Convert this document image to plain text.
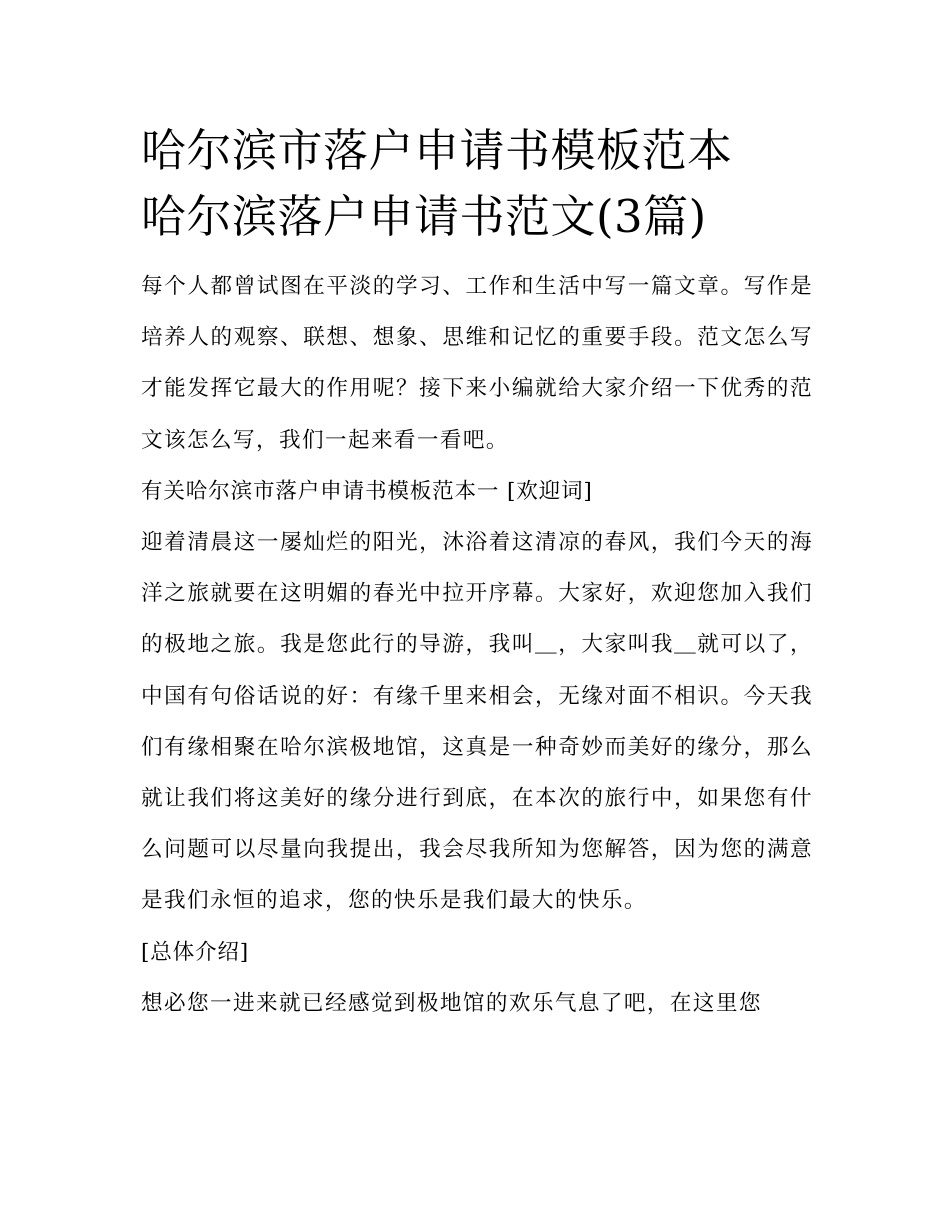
哈尔滨市落户申请书模板范本
哈尔滨落户申请书范文(3篇)

每个人都曾试图在平淡的学习、工作和生活中写一篇文章。写作是培养人的观察、联想、想象、思维和记忆的重要手段。范文怎么写才能发挥它最大的作用呢？接下来小编就给大家介绍一下优秀的范文该怎么写，我们一起来看一看吧。

有关哈尔滨市落户申请书模板范本一 [欢迎词]

迎着清晨这一屡灿烂的阳光，沐浴着这清凉的春风，我们今天的海洋之旅就要在这明媚的春光中拉开序幕。大家好，欢迎您加入我们的极地之旅。我是您此行的导游，我叫＿，大家叫我＿就可以了，中国有句俗话说的好：有缘千里来相会，无缘对面不相识。今天我们有缘相聚在哈尔滨极地馆，这真是一种奇妙而美好的缘分，那么就让我们将这美好的缘分进行到底，在本次的旅行中，如果您有什么问题可以尽量向我提出，我会尽我所知为您解答，因为您的满意是我们永恒的追求，您的快乐是我们最大的快乐。

[总体介绍]

想必您一进来就已经感觉到极地馆的欢乐气息了吧，在这里您
